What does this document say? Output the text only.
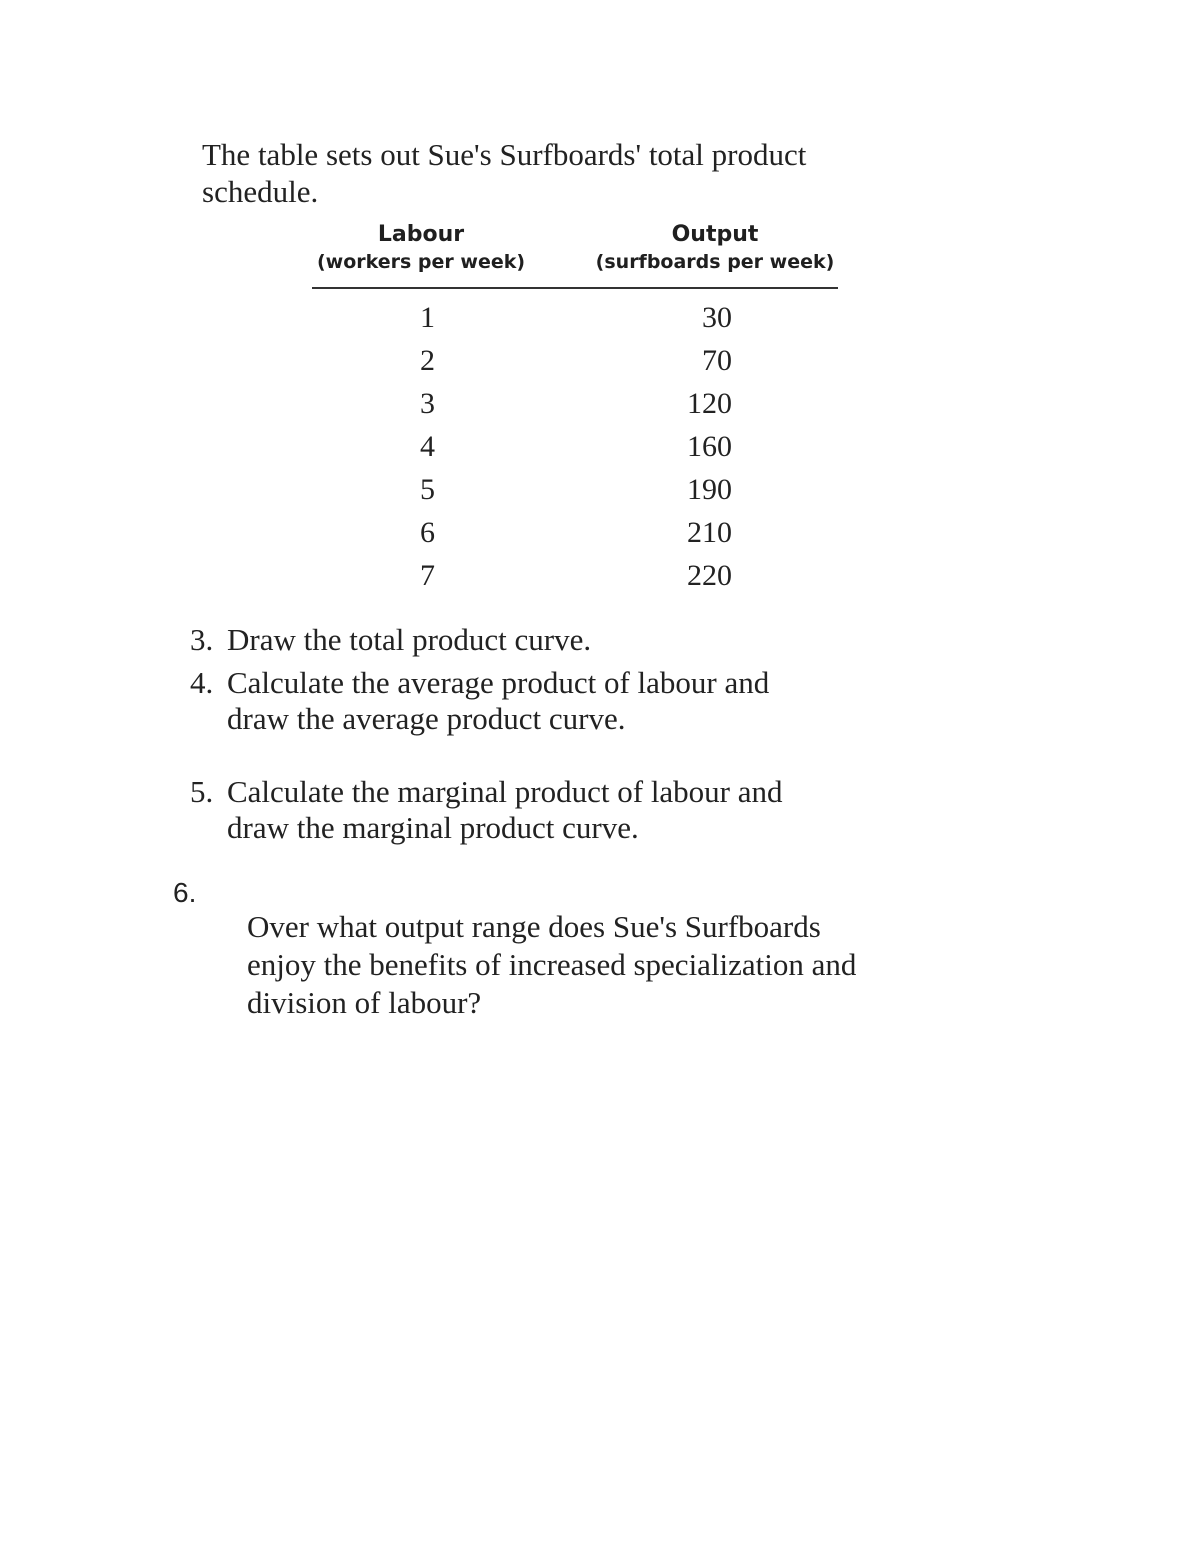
The table sets out Sue's Surfboards' total product schedule.
Labour
(workers per week)
Output
(surfboards per week)
1	30
2	70
3	120
4	160
5	190
6	210
7	220
3. Draw the total product curve.
4. Calculate the average product of labour and draw the average product curve.
5. Calculate the marginal product of labour and draw the marginal product curve.
6.
Over what output range does Sue's Surfboards enjoy the benefits of increased specialization and division of labour?
